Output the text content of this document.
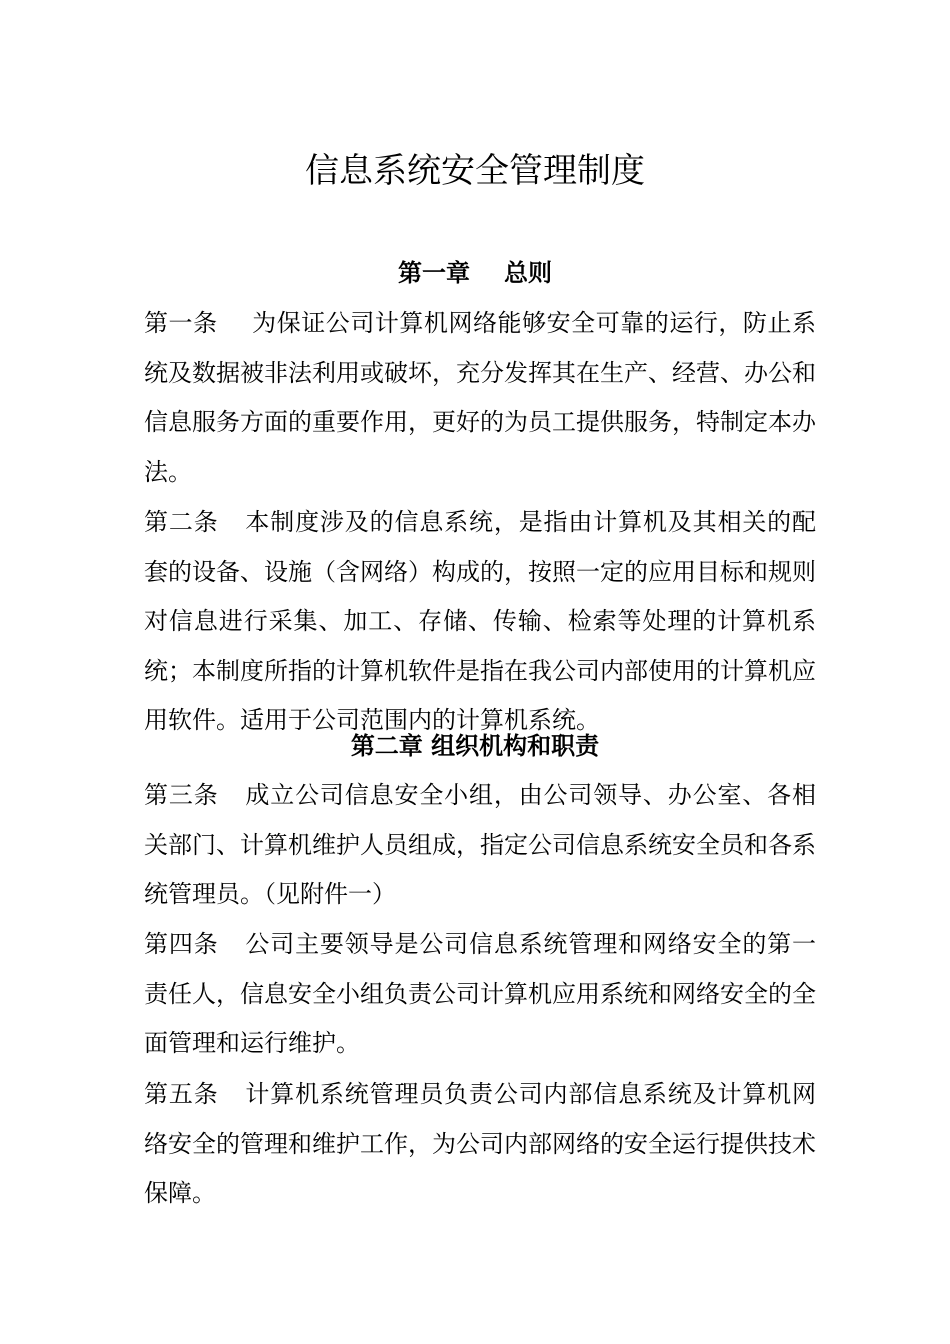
信息系统安全管理制度
第一章 总则

第一条 为保证公司计算机网络能够安全可靠的运行，防止系统及数据被非法利用或破坏，充分发挥其在生产、经营、办公和信息服务方面的重要作用，更好的为员工提供服务，特制定本办法。

第二条 本制度涉及的信息系统，是指由计算机及其相关的配套的设备、设施（含网络）构成的，按照一定的应用目标和规则对信息进行采集、加工、存储、传输、检索等处理的计算机系统；本制度所指的计算机软件是指在我公司内部使用的计算机应用软件。适用于公司范围内的计算机系统。

第二章 组织机构和职责

第三条 成立公司信息安全小组，由公司领导、办公室、各相关部门、计算机维护人员组成，指定公司信息系统安全员和各系统管理员。（见附件一）

第四条 公司主要领导是公司信息系统管理和网络安全的第一责任人，信息安全小组负责公司计算机应用系统和网络安全的全面管理和运行维护。

第五条 计算机系统管理员负责公司内部信息系统及计算机网络安全的管理和维护工作，为公司内部网络的安全运行提供技术保障。
